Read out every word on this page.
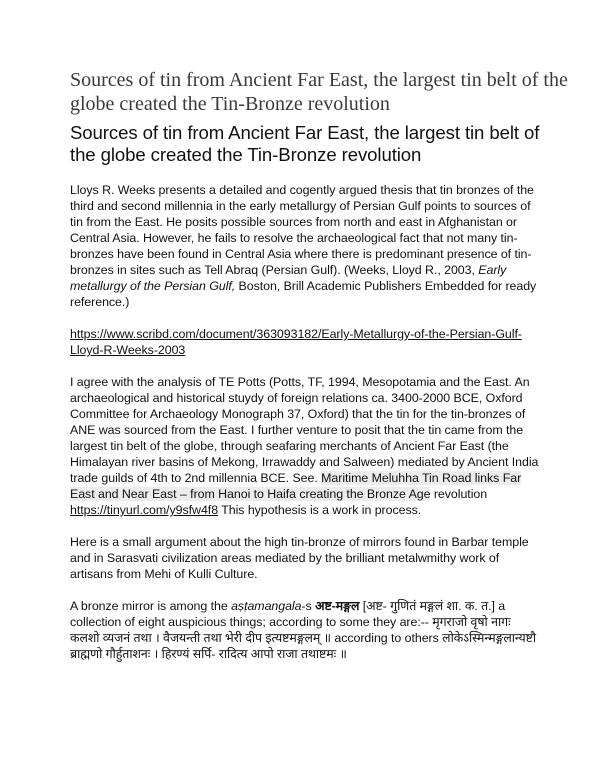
Sources of tin from Ancient Far East, the largest tin belt of the globe created the Tin-Bronze revolution
Sources of tin from Ancient Far East, the largest tin belt of the globe created the Tin-Bronze revolution

Lloys R. Weeks presents a detailed and cogently argued thesis that tin bronzes of the third and second millennia in the early metallurgy of Persian Gulf points to sources of tin from the East. He posits possible sources from north and east in Afghanistan or Central Asia. However, he fails to resolve the archaeological fact that not many tin-bronzes have been found in Central Asia where there is predominant presence of tin-bronzes in sites such as Tell Abraq (Persian Gulf). (Weeks, Lloyd R., 2003, Early metallurgy of the Persian Gulf, Boston, Brill Academic Publishers Embedded for ready reference.)

https://www.scribd.com/document/363093182/Early-Metallurgy-of-the-Persian-Gulf-Lloyd-R-Weeks-2003

I agree with the analysis of TE Potts (Potts, TF, 1994, Mesopotamia and the East. An archaeological and historical stuydy of foreign relations ca. 3400-2000 BCE, Oxford Committee for Archaeology Monograph 37, Oxford) that the tin for the tin-bronzes of ANE was sourced from the East. I further venture to posit that the tin came from the largest tin belt of the globe, through seafaring merchants of Ancient Far East (the Himalayan river basins of Mekong, Irrawaddy and Salween) mediated by Ancient India trade guilds of 4th to 2nd millennia BCE. See. Maritime Meluhha Tin Road links Far East and Near East – from Hanoi to Haifa creating the Bronze Age revolution https://tinyurl.com/y9sfw4f8 This hypothesis is a work in process.

Here is a small argument about the high tin-bronze of mirrors found in Barbar temple and in Sarasvati civilization areas mediated by the brilliant metalwmithy work of artisans from Mehi of Kulli Culture.

A bronze mirror is among the aṣṭamangala-s अष्ट-मङ्गल [अष्ट- गुणितं मङ्गलं शा. क. त.] a collection of eight auspicious things; according to some they are:-- मृगराजो वृषो नागः कलशो व्यजनं तथा । वैजयन्ती तथा भेरी दीप इत्यष्टमङ्गलम् ॥ according to others लोकेऽस्मिन्मङ्गलान्यष्टौ ब्राह्मणो गौर्हुताशनः । हिरण्यं सर्पि- रादित्य आपो राजा तथाष्टमः ॥
